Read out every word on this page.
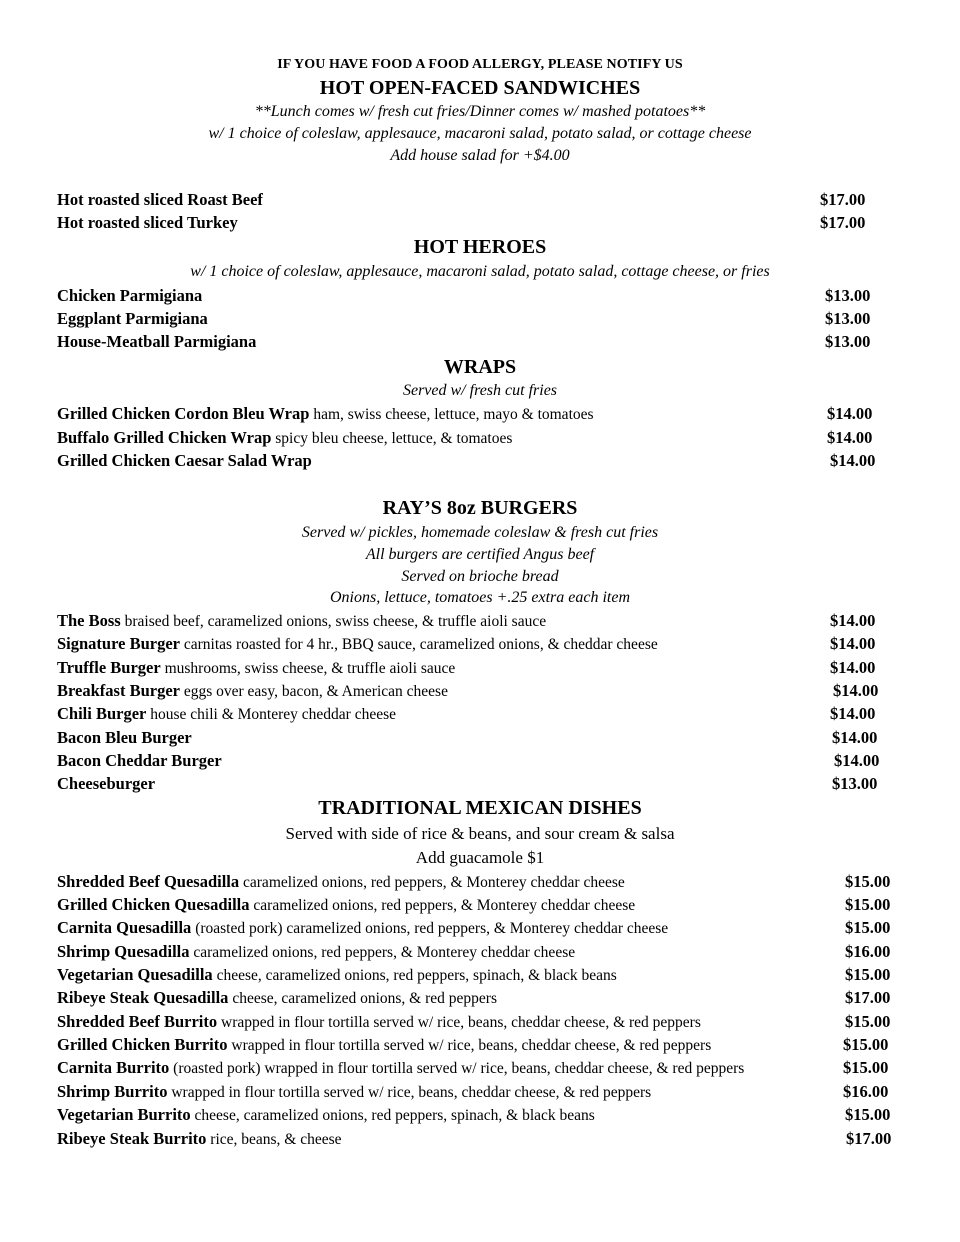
IF YOU HAVE FOOD A FOOD ALLERGY, PLEASE NOTIFY US
HOT OPEN-FACED SANDWICHES
**Lunch comes w/ fresh cut fries/Dinner comes w/ mashed potatoes**
w/ 1 choice of coleslaw, applesauce, macaroni salad, potato salad, or cottage cheese
Add house salad for +$4.00
Hot roasted sliced Roast Beef	$17.00
Hot roasted sliced Turkey	$17.00
HOT HEROES
w/ 1 choice of coleslaw, applesauce, macaroni salad, potato salad, cottage cheese, or fries
Chicken Parmigiana	$13.00
Eggplant Parmigiana	$13.00
House-Meatball Parmigiana	$13.00
WRAPS
Served w/ fresh cut fries
Grilled Chicken Cordon Bleu Wrap ham, swiss cheese, lettuce, mayo & tomatoes	$14.00
Buffalo Grilled Chicken Wrap spicy bleu cheese, lettuce, & tomatoes	$14.00
Grilled Chicken Caesar Salad Wrap	$14.00
RAY’S 8oz BURGERS
Served w/ pickles, homemade coleslaw & fresh cut fries
All burgers are certified Angus beef
Served on brioche bread
Onions, lettuce, tomatoes +.25 extra each item
The Boss braised beef, caramelized onions, swiss cheese, & truffle aioli sauce	$14.00
Signature Burger carnitas roasted for 4 hr., BBQ sauce, caramelized onions, & cheddar cheese	$14.00
Truffle Burger mushrooms, swiss cheese, & truffle aioli sauce	$14.00
Breakfast Burger eggs over easy, bacon, & American cheese	$14.00
Chili Burger house chili & Monterey cheddar cheese	$14.00
Bacon Bleu Burger	$14.00
Bacon Cheddar Burger	$14.00
Cheeseburger	$13.00
TRADITIONAL MEXICAN DISHES
Served with side of rice & beans, and sour cream & salsa
Add guacamole $1
Shredded Beef Quesadilla caramelized onions, red peppers, & Monterey cheddar cheese	$15.00
Grilled Chicken Quesadilla caramelized onions, red peppers, & Monterey cheddar cheese	$15.00
Carnita Quesadilla (roasted pork) caramelized onions, red peppers, & Monterey cheddar cheese	$15.00
Shrimp Quesadilla caramelized onions, red peppers, & Monterey cheddar cheese	$16.00
Vegetarian Quesadilla cheese, caramelized onions, red peppers, spinach, & black beans	$15.00
Ribeye Steak Quesadilla cheese, caramelized onions, & red peppers	$17.00
Shredded Beef Burrito wrapped in flour tortilla served w/ rice, beans, cheddar cheese, & red peppers	$15.00
Grilled Chicken Burrito wrapped in flour tortilla served w/ rice, beans, cheddar cheese, & red peppers	$15.00
Carnita Burrito (roasted pork) wrapped in flour tortilla served w/ rice, beans, cheddar cheese, & red peppers	$15.00
Shrimp Burrito wrapped in flour tortilla served w/ rice, beans, cheddar cheese, & red peppers	$16.00
Vegetarian Burrito cheese, caramelized onions, red peppers, spinach, & black beans	$15.00
Ribeye Steak Burrito rice, beans, & cheese	$17.00
